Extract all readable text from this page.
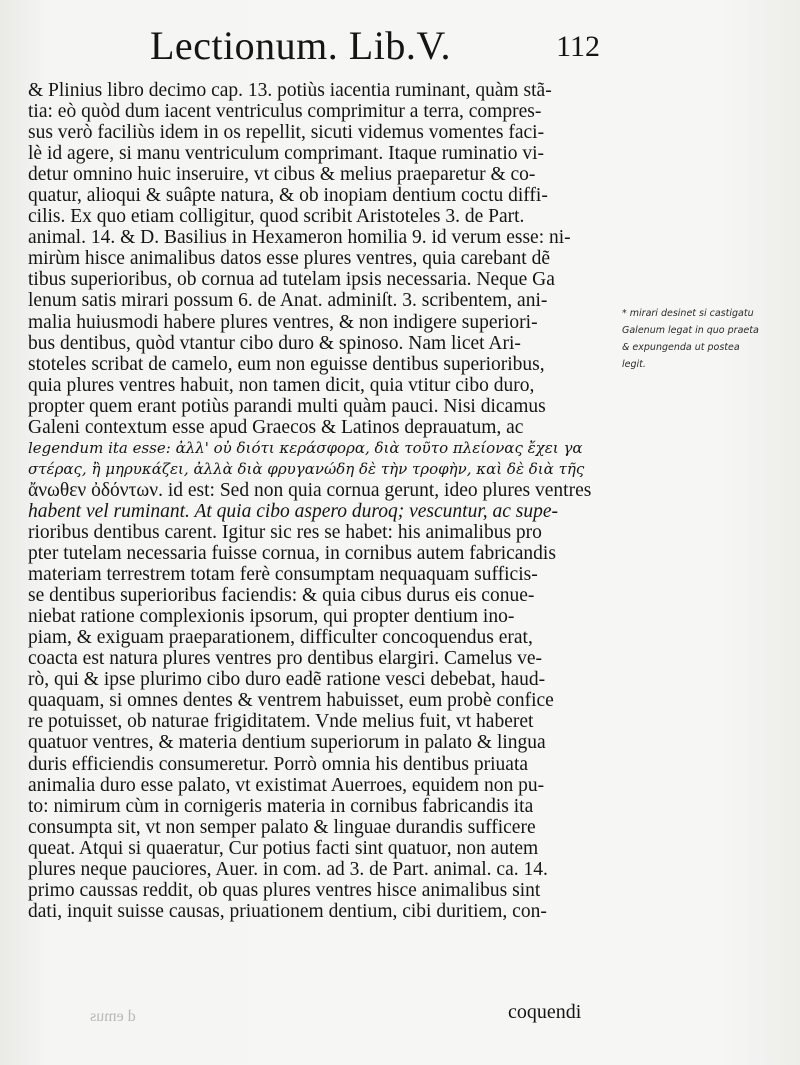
Lectionum. Lib.V.	112
& Plinius libro decimo cap. 13. potiùs iacentia ruminant, quàm stã-
tia: eò quòd dum iacent ventriculus comprimitur a terra, compres-
sus verò faciliùs idem in os repellit, sicuti videmus vomentes faci-
lè id agere, si manu ventriculum comprimant. Itaque ruminatio vi-
detur omnino huic inseruire, vt cibus & melius praeparetur & co-
quatur, alioqui & suâpte natura, & ob inopiam dentium coctu diffi-
cilis. Ex quo etiam colligitur, quod scribit Aristoteles 3. de Part.
animal. 14. & D. Basilius in Hexameron homilia 9. id verum esse: ni-
mirùm hisce animalibus datos esse plures ventres, quia carebant dẽ
tibus superioribus, ob cornua ad tutelam ipsis necessaria. Neque Ga
lenum satis mirari possum 6. de Anat. adminiſt. 3. scribentem, ani-
malia huiusmodi habere plures ventres, & non indigere superiori-
bus dentibus, quòd vtantur cibo duro & spinoso. Nam licet Ari-
stoteles scribat de camelo, eum non eguisse dentibus superioribus,
quia plures ventres habuit, non tamen dicit, quia vtitur cibo duro,
propter quem erant potiùs parandi multi quàm pauci. Nisi dicamus
Galeni contextum esse apud Graecos & Latinos deprauatum, ac
legendum ita esse: ἀλλ' οὐ διότι κεράσφορα, διὰ τοῦτο πλείονας ἔχει γα
στέρας, ἢ μηρυκάζει, ἀλλὰ διὰ φρυγανώδη δὲ τὴν τροφὴν, καὶ δὲ διὰ τῆς
ἄνωθεν ὀδόντων. id est: Sed non quia cornua gerunt, ideo plures ventres
habent vel ruminant. At quia cibo aspero duroq; vescuntur, ac supe-
rioribus dentibus carent. Igitur sic res se habet: his animalibus pro
pter tutelam necessaria fuisse cornua, in cornibus autem fabricandis
materiam terrestrem totam ferè consumptam nequaquam sufficis-
se dentibus superioribus faciendis: & quia cibus durus eis conue-
niebat ratione complexionis ipsorum, qui propter dentium ino-
piam, & exiguam praeparationem, difficulter concoquendus erat,
coacta est natura plures ventres pro dentibus elargiri. Camelus ve-
rò, qui & ipse plurimo cibo duro eadẽ ratione vesci debebat, haud-
quaquam, si omnes dentes & ventrem habuisset, eum probè confice
re potuisset, ob naturae frigiditatem. Vnde melius fuit, vt haberet
quatuor ventres, & materia dentium superiorum in palato & lingua
duris efficiendis consumeretur. Porrò omnia his dentibus priuata
animalia duro esse palato, vt existimat Auerroes, equidem non pu-
to: nimirum cùm in cornigeris materia in cornibus fabricandis ita
consumpta sit, vt non semper palato & linguae durandis sufficere
queat. Atqui si quaeratur, Cur potius facti sint quatuor, non autem
plures neque pauciores, Auer. in com. ad 3. de Part. animal. ca. 14.
primo caussas reddit, ob quas plures ventres hisce animalibus sint
dati, inquit suisse causas, priuationem dentium, cibi duritiem, con-
* mirari desinet si castigatu
Galenum legat in quo praeta
& expungenda ut postea
legit.
coquendi
d emus
